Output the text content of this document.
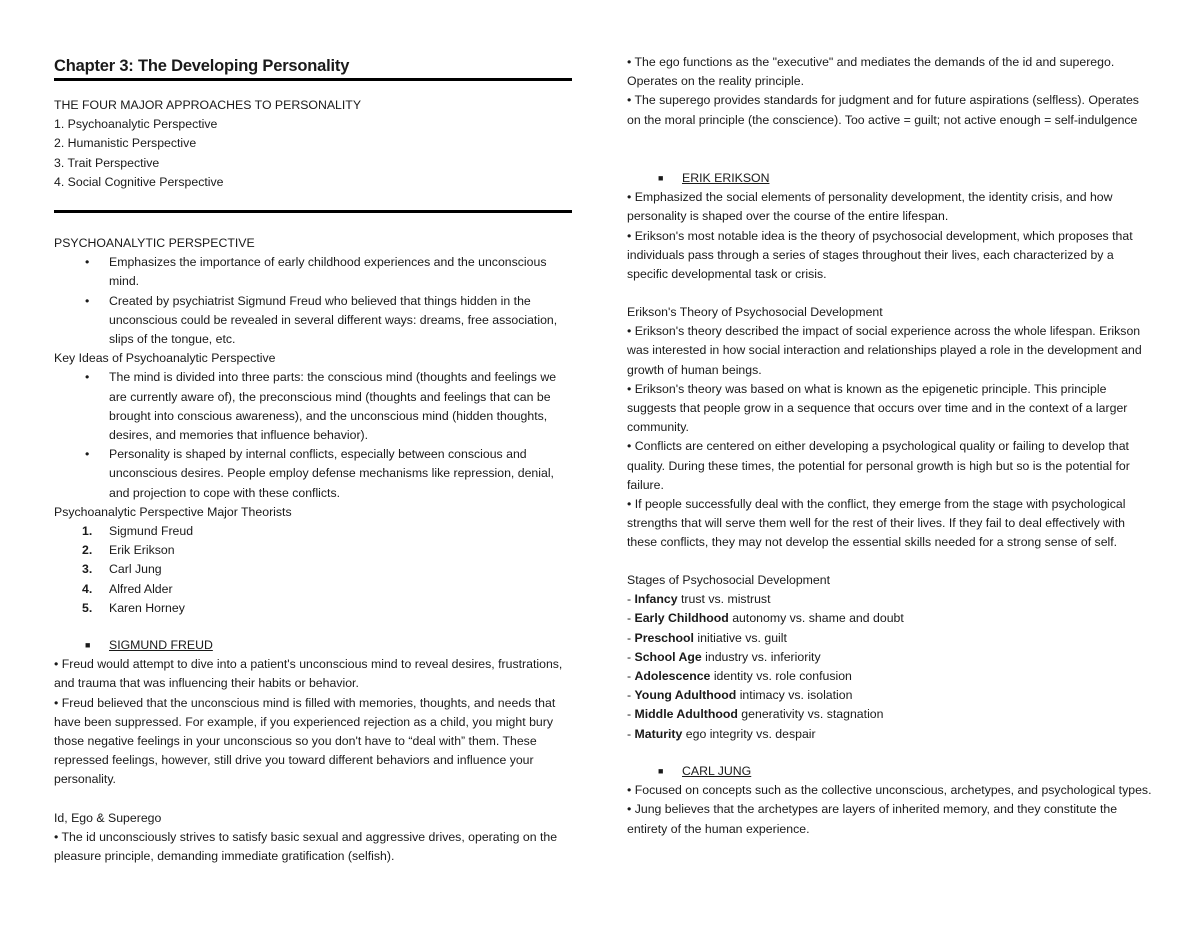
Chapter 3: The Developing Personality

THE FOUR MAJOR APPROACHES TO PERSONALITY

1. Psychoanalytic Perspective

2. Humanistic Perspective

3. Trait Perspective

4. Social Cognitive Perspective

PSYCHOANALYTIC PERSPECTIVE

• Emphasizes the importance of early childhood experiences and the unconscious mind.

• Created by psychiatrist Sigmund Freud who believed that things hidden in the unconscious could be revealed in several different ways: dreams, free association, slips of the tongue, etc.

Key Ideas of Psychoanalytic Perspective

• The mind is divided into three parts: the conscious mind (thoughts and feelings we are currently aware of), the preconscious mind (thoughts and feelings that can be brought into conscious awareness), and the unconscious mind (hidden thoughts, desires, and memories that influence behavior).

• Personality is shaped by internal conflicts, especially between conscious and unconscious desires. People employ defense mechanisms like repression, denial, and projection to cope with these conflicts.

Psychoanalytic Perspective Major Theorists

1. Sigmund Freud

2. Erik Erikson

3. Carl Jung

4. Alfred Alder

5. Karen Horney

■ SIGMUND FREUD

• Freud would attempt to dive into a patient's unconscious mind to reveal desires, frustrations, and trauma that was influencing their habits or behavior.

• Freud believed that the unconscious mind is filled with memories, thoughts, and needs that have been suppressed. For example, if you experienced rejection as a child, you might bury those negative feelings in your unconscious so you don't have to “deal with” them. These repressed feelings, however, still drive you toward different behaviors and influence your personality.

Id, Ego & Superego

• The id unconsciously strives to satisfy basic sexual and aggressive drives, operating on the pleasure principle, demanding immediate gratification (selfish).

• The ego functions as the "executive" and mediates the demands of the id and superego. Operates on the reality principle.

• The superego provides standards for judgment and for future aspirations (selfless). Operates on the moral principle (the conscience). Too active = guilt; not active enough = self-indulgence

■ ERIK ERIKSON

• Emphasized the social elements of personality development, the identity crisis, and how personality is shaped over the course of the entire lifespan.

• Erikson's most notable idea is the theory of psychosocial development, which proposes that individuals pass through a series of stages throughout their lives, each characterized by a specific developmental task or crisis.

Erikson's Theory of Psychosocial Development

• Erikson's theory described the impact of social experience across the whole lifespan. Erikson was interested in how social interaction and relationships played a role in the development and growth of human beings.

• Erikson's theory was based on what is known as the epigenetic principle. This principle suggests that people grow in a sequence that occurs over time and in the context of a larger community.

• Conflicts are centered on either developing a psychological quality or failing to develop that quality. During these times, the potential for personal growth is high but so is the potential for failure.

• If people successfully deal with the conflict, they emerge from the stage with psychological strengths that will serve them well for the rest of their lives. If they fail to deal effectively with these conflicts, they may not develop the essential skills needed for a strong sense of self.

Stages of Psychosocial Development

- Infancy trust vs. mistrust

- Early Childhood autonomy vs. shame and doubt

- Preschool initiative vs. guilt

- School Age industry vs. inferiority

- Adolescence identity vs. role confusion

- Young Adulthood intimacy vs. isolation

- Middle Adulthood generativity vs. stagnation

- Maturity ego integrity vs. despair

■ CARL JUNG

• Focused on concepts such as the collective unconscious, archetypes, and psychological types.

• Jung believes that the archetypes are layers of inherited memory, and they constitute the entirety of the human experience.
